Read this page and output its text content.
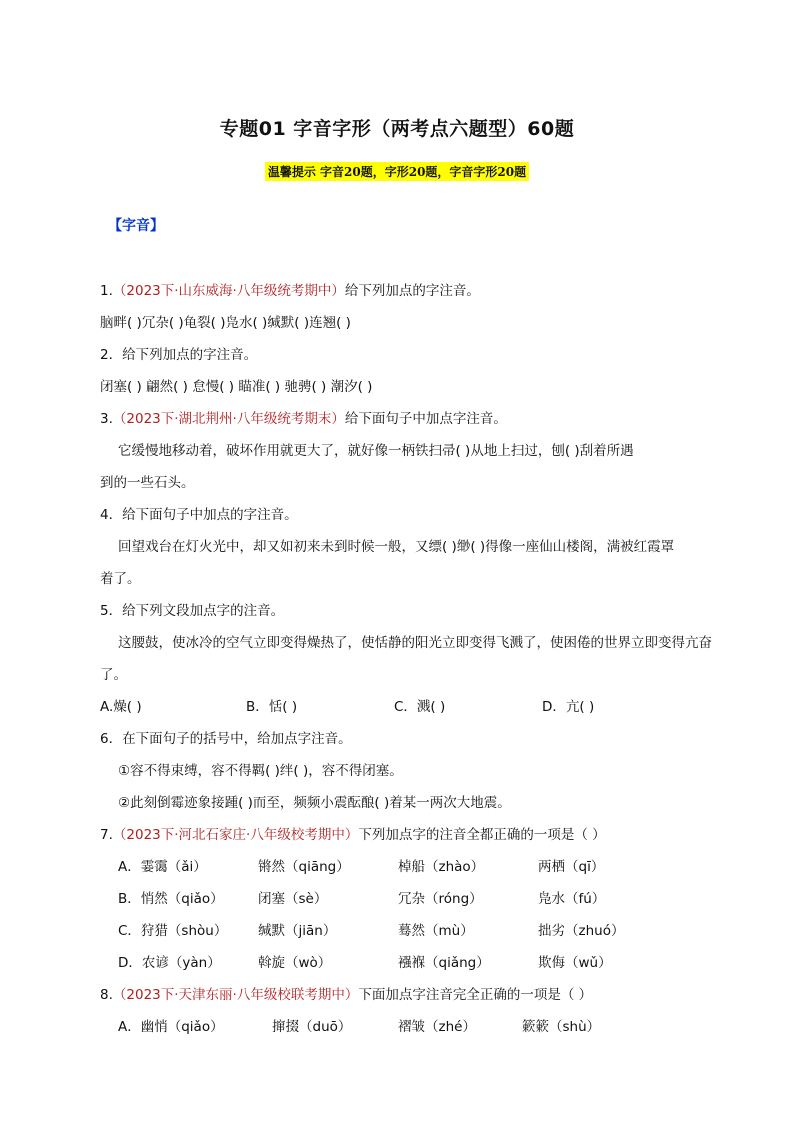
专题01 字音字形（两考点六题型）60题
温馨提示 字音20题，字形20题，字音字形20题
【字音】
1.（2023下·山东威海·八年级统考期中）给下列加点的字注音。
脑畔( )冗杂( )龟裂( )凫水( )缄默( )连翘( )
2．给下列加点的字注音。
闭塞( ) 翩然( ) 怠慢( ) 瞄准( ) 驰骋( ) 潮汐( )
3.（2023下·湖北荆州·八年级统考期末）给下面句子中加点字注音。
它缓慢地移动着，破坏作用就更大了，就好像一柄铁扫帚( )从地上扫过，刨( )刮着所遇
到的一些石头。
4．给下面句子中加点的字注音。
回望戏台在灯火光中，却又如初来未到时候一般，又缥( )缈( )得像一座仙山楼阁，满被红霞罩
着了。
5．给下列文段加点字的注音。
这腰鼓，使冰冷的空气立即变得燥热了，使恬静的阳光立即变得飞溅了，使困倦的世界立即变得亢奋
了。
A.燥( )	B．恬( )	C．溅( )	D．亢( )
6．在下面句子的括号中，给加点字注音。
①容不得束缚，容不得羁( )绊( )，容不得闭塞。
②此刻倒霉迹象接踵( )而至，频频小震酝酿( )着某一两次大地震。
7.（2023下·河北石家庄·八年级校考期中）下列加点字的注音全都正确的一项是（ ）
A．霎霭（ǎi）	锵然（qiāng）	棹船（zhào）	两栖（qī）
B．悄然（qiǎo）	闭塞（sè）	冗杂（róng）	凫水（fú）
C．狩猎（shòu） 缄默（jiān）	蓦然（mù）	拙劣（zhuó）
D．农谚（yàn）	斡旋（wò）	襁褓（qiǎng）	欺侮（wǔ）
8.（2023下·天津东丽·八年级校联考期中）下面加点字注音完全正确的一项是（ ）
A．幽悄（qiǎo）	撺掇（duō）	褶皱（zhé）	簌簌（shù）
